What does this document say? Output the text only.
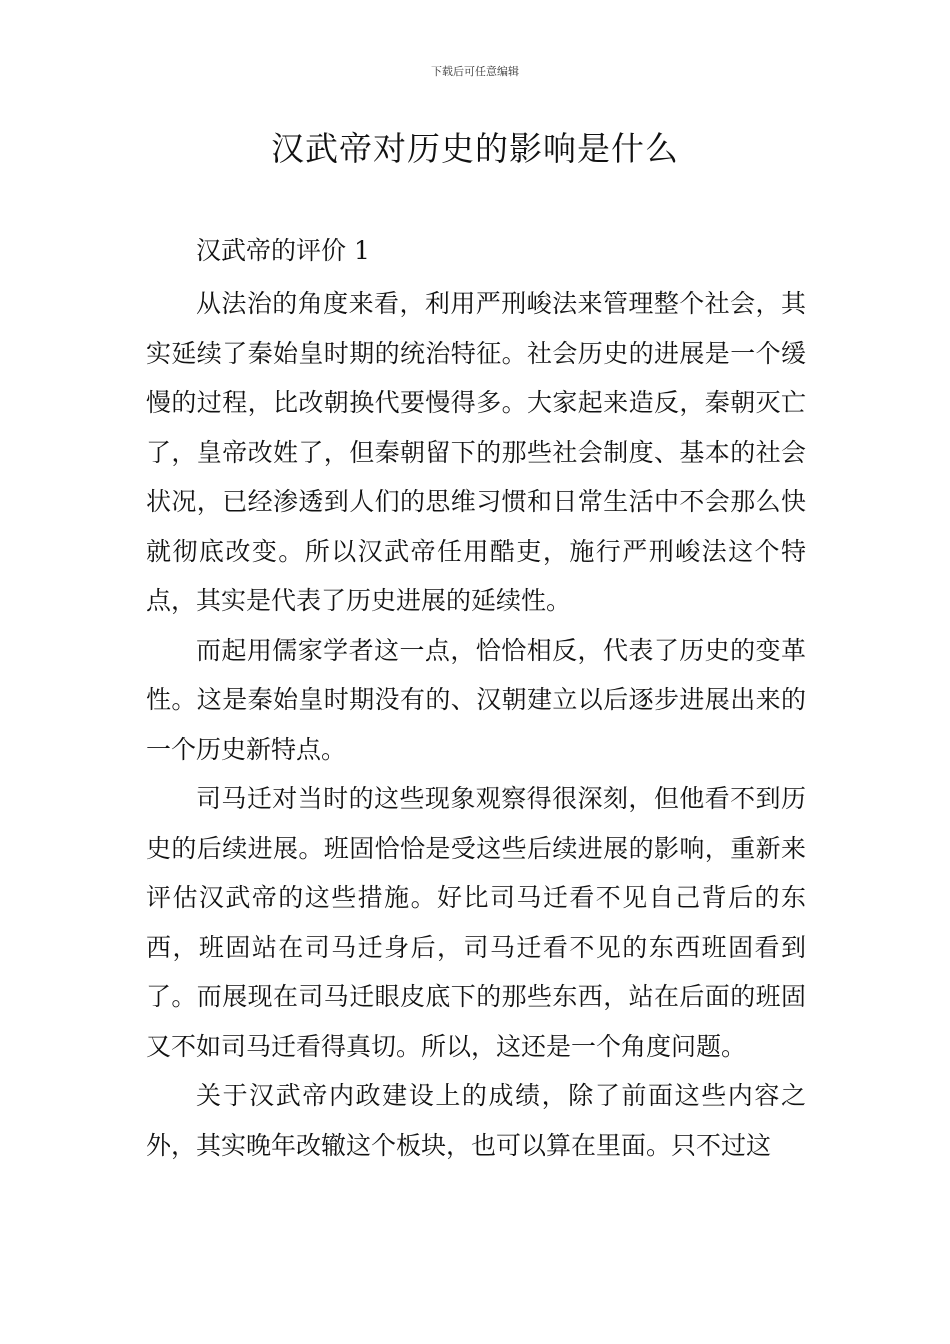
下载后可任意编辑
汉武帝对历史的影响是什么

汉武帝的评价 1

从法治的角度来看，利用严刑峻法来管理整个社会，其实延续了秦始皇时期的统治特征。社会历史的进展是一个缓慢的过程，比改朝换代要慢得多。大家起来造反，秦朝灭亡了，皇帝改姓了，但秦朝留下的那些社会制度、基本的社会状况，已经渗透到人们的思维习惯和日常生活中不会那么快就彻底改变。所以汉武帝任用酷吏，施行严刑峻法这个特点，其实是代表了历史进展的延续性。

而起用儒家学者这一点，恰恰相反，代表了历史的变革性。这是秦始皇时期没有的、汉朝建立以后逐步进展出来的一个历史新特点。

司马迁对当时的这些现象观察得很深刻，但他看不到历史的后续进展。班固恰恰是受这些后续进展的影响，重新来评估汉武帝的这些措施。好比司马迁看不见自己背后的东西，班固站在司马迁身后，司马迁看不见的东西班固看到了。而展现在司马迁眼皮底下的那些东西，站在后面的班固又不如司马迁看得真切。所以，这还是一个角度问题。

关于汉武帝内政建设上的成绩，除了前面这些内容之外，其实晚年改辙这个板块，也可以算在里面。只不过这
